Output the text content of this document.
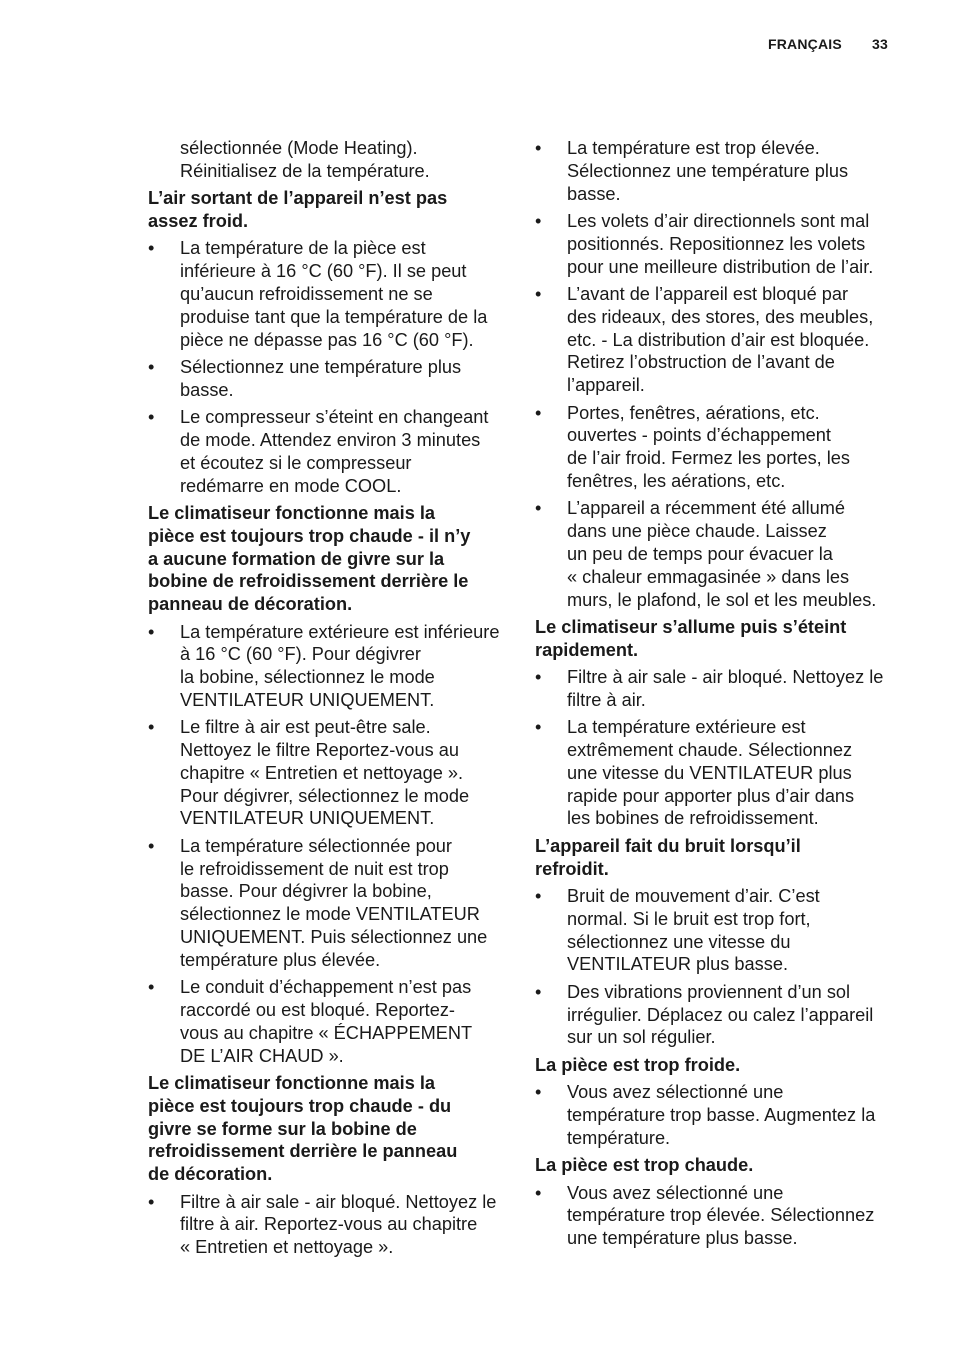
FRANÇAIS 33
sélectionnée (Mode Heating).
Réinitialisez de la température.
L’air sortant de l’appareil n’est pas
assez froid.
• La température de la pièce est
inférieure à 16 °C (60 °F). Il se peut
qu’aucun refroidissement ne se
produise tant que la température de la
pièce ne dépasse pas 16 °C (60 °F).
• Sélectionnez une température plus
basse.
• Le compresseur s’éteint en changeant
de mode. Attendez environ 3 minutes
et écoutez si le compresseur
redémarre en mode COOL.
Le climatiseur fonctionne mais la
pièce est toujours trop chaude - il n’y
a aucune formation de givre sur la
bobine de refroidissement derrière le
panneau de décoration.
• La température extérieure est inférieure
à 16 °C (60 °F). Pour dégivrer
la bobine, sélectionnez le mode
VENTILATEUR UNIQUEMENT.
• Le filtre à air est peut-être sale.
Nettoyez le filtre Reportez-vous au
chapitre « Entretien et nettoyage ».
Pour dégivrer, sélectionnez le mode
VENTILATEUR UNIQUEMENT.
• La température sélectionnée pour
le refroidissement de nuit est trop
basse. Pour dégivrer la bobine,
sélectionnez le mode VENTILATEUR
UNIQUEMENT. Puis sélectionnez une
température plus élevée.
• Le conduit d’échappement n’est pas
raccordé ou est bloqué. Reportez-
vous au chapitre « ÉCHAPPEMENT
DE L’AIR CHAUD ».
Le climatiseur fonctionne mais la
pièce est toujours trop chaude - du
givre se forme sur la bobine de
refroidissement derrière le panneau
de décoration.
• Filtre à air sale - air bloqué. Nettoyez le
filtre à air. Reportez-vous au chapitre
« Entretien et nettoyage ».
• La température est trop élevée.
Sélectionnez une température plus
basse.
• Les volets d’air directionnels sont mal
positionnés. Repositionnez les volets
pour une meilleure distribution de l’air.
• L’avant de l’appareil est bloqué par
des rideaux, des stores, des meubles,
etc. - La distribution d’air est bloquée.
Retirez l’obstruction de l’avant de
l’appareil.
• Portes, fenêtres, aérations, etc.
ouvertes - points d’échappement
de l’air froid. Fermez les portes, les
fenêtres, les aérations, etc.
• L’appareil a récemment été allumé
dans une pièce chaude. Laissez
un peu de temps pour évacuer la
« chaleur emmagasinée » dans les
murs, le plafond, le sol et les meubles.
Le climatiseur s’allume puis s’éteint
rapidement.
• Filtre à air sale - air bloqué. Nettoyez le
filtre à air.
• La température extérieure est
extrêmement chaude. Sélectionnez
une vitesse du VENTILATEUR plus
rapide pour apporter plus d’air dans
les bobines de refroidissement.
L’appareil fait du bruit lorsqu’il
refroidit.
• Bruit de mouvement d’air. C’est
normal. Si le bruit est trop fort,
sélectionnez une vitesse du
VENTILATEUR plus basse.
• Des vibrations proviennent d’un sol
irrégulier. Déplacez ou calez l’appareil
sur un sol régulier.
La pièce est trop froide.
• Vous avez sélectionné une
température trop basse. Augmentez la
température.
La pièce est trop chaude.
• Vous avez sélectionné une
température trop élevée. Sélectionnez
une température plus basse.
